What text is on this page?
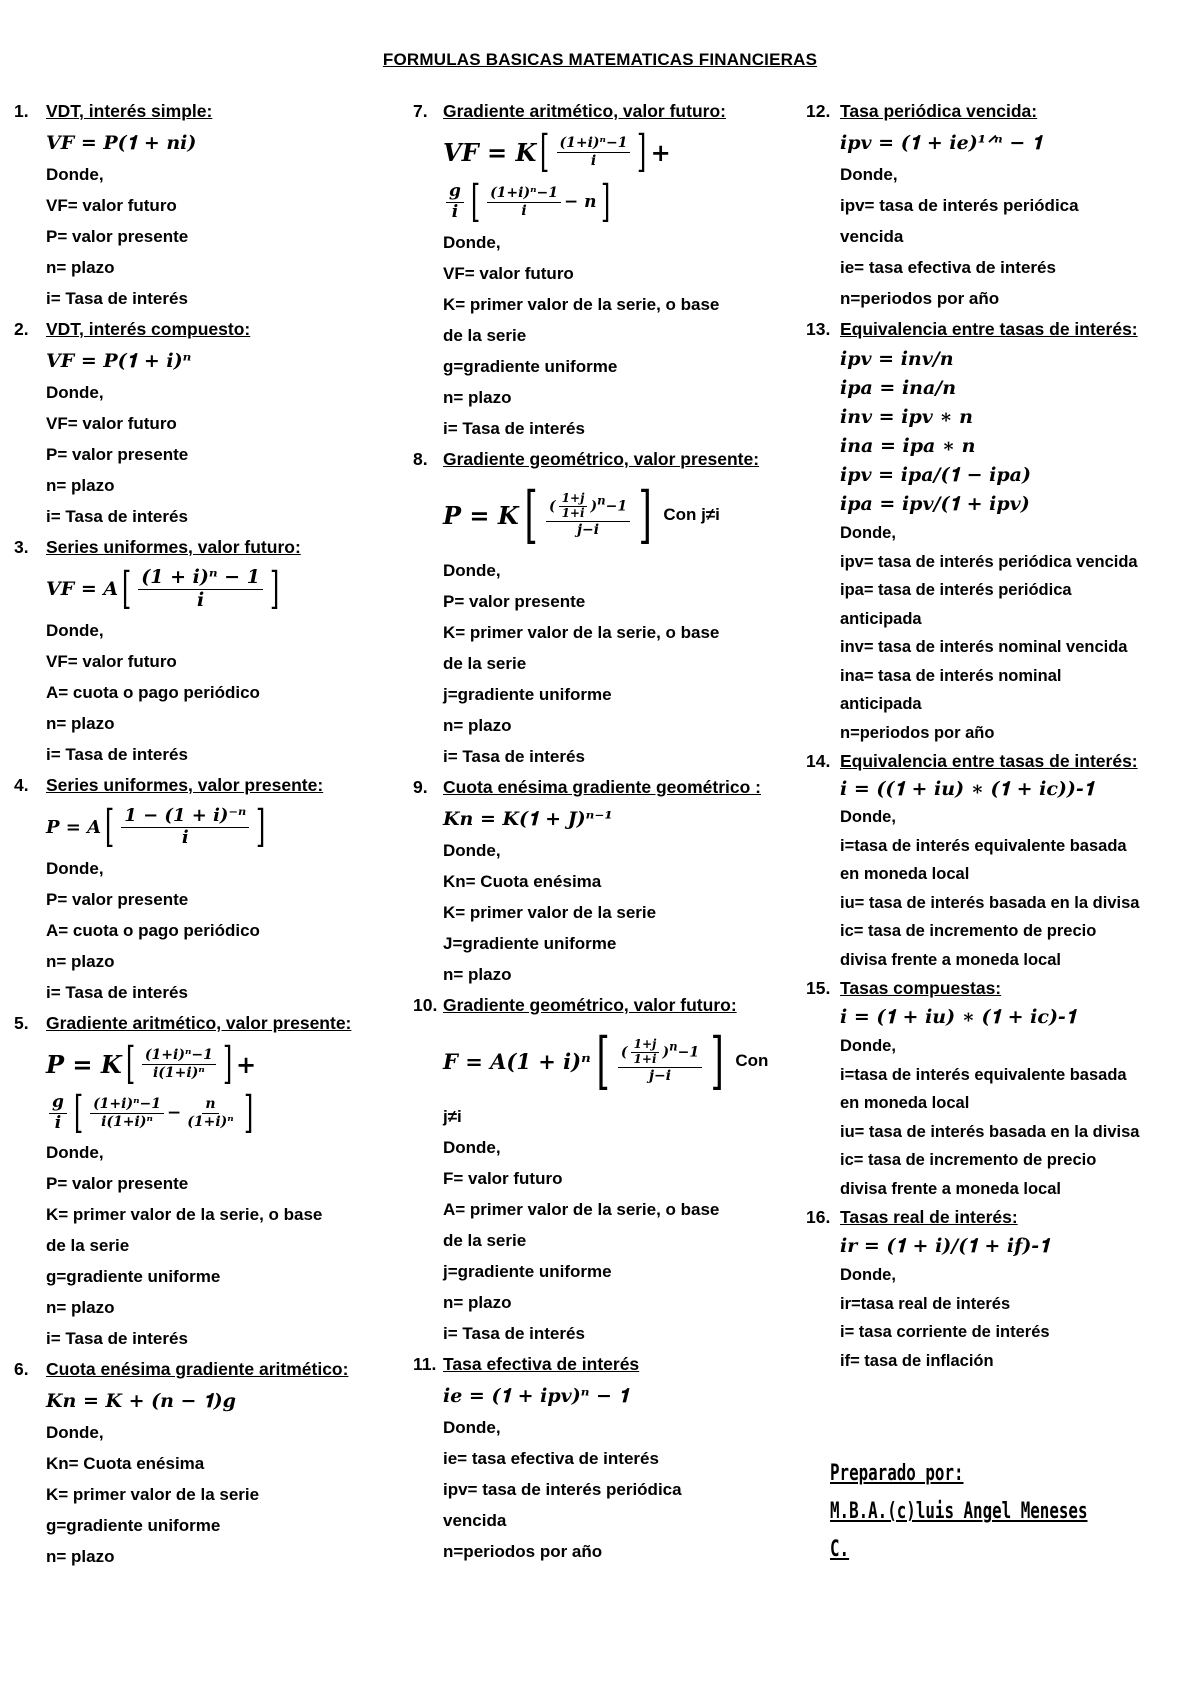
FORMULAS BASICAS MATEMATICAS FINANCIERAS
1. VDT, interés simple:
𝑽𝑭 = 𝑷(𝟏 + 𝒏𝒊)
Donde,
VF= valor futuro
P= valor presente
n= plazo
i= Tasa de interés
2. VDT, interés compuesto:
𝑽𝑭 = 𝑷(𝟏 + 𝒊)ⁿ
Donde,
VF= valor futuro
P= valor presente
n= plazo
i= Tasa de interés
3. Series uniformes, valor futuro:
VF = A [ $\frac{\text{(1 + i)ⁿ − 1}}{i}$ ]
Donde,
VF= valor futuro
A= cuota o pago periódico
n= plazo
i= Tasa de interés
4. Series uniformes, valor presente:
P = A [ $\frac{\text{1 − (1 + i)⁻ⁿ}}{i}$ ]
Donde,
P= valor presente
A= cuota o pago periódico
n= plazo
i= Tasa de interés
5. Gradiente aritmético, valor presente:
P = K [ $\frac{\text{(1+i)ⁿ−1}}{\text{i(1+i)ⁿ}}$ ] +
$\frac{g}{i}$ [ $\frac{\text{(1+i)ⁿ−1}}{\text{i(1+i)ⁿ}} - \frac{n}{\text{(1+i)ⁿ}}$ ]
Donde,
P= valor presente
K= primer valor de la serie, o base
de la serie
g=gradiente uniforme
n= plazo
i= Tasa de interés
6. Cuota enésima gradiente aritmético:
𝑲𝒏 = 𝑲 + (𝒏 − 𝟏)𝒈
Donde,
Kn= Cuota enésima
K= primer valor de la serie
g=gradiente uniforme
n= plazo
7. Gradiente aritmético, valor futuro:
VF = K [ $\frac{\text{(1+i)ⁿ−1}}{i}$ ] +
$\frac{g}{i}$ [ $\frac{\text{(1+i)ⁿ−1}}{i} - n$ ]
Donde,
VF= valor futuro
K= primer valor de la serie, o base
de la serie
g=gradiente uniforme
n= plazo
i= Tasa de interés
8. Gradiente geométrico, valor presente:
P = K [ $\frac{( \frac{1+j}{1+i} )^n-1}{j-i}$ ] Con j≠i
Donde,
P= valor presente
K= primer valor de la serie, o base
de la serie
j=gradiente uniforme
n= plazo
i= Tasa de interés
9. Cuota enésima gradiente geométrico :
𝑲𝒏 = 𝑲(𝟏 + 𝑱)ⁿ⁻¹
Donde,
Kn= Cuota enésima
K= primer valor de la serie
J=gradiente uniforme
n= plazo
10. Gradiente geométrico, valor futuro:
F = A(1 + i)ⁿ [ $\frac{( \frac{1+j}{1+i} )^n-1}{j-i}$ ] Con
j≠i
Donde,
F= valor futuro
A= primer valor de la serie, o base
de la serie
j=gradiente uniforme
n= plazo
i= Tasa de interés
11. Tasa efectiva de interés
𝒊𝒆 = (𝟏 + 𝒊𝒑𝒗)ⁿ − 𝟏
Donde,
ie= tasa efectiva de interés
ipv= tasa de interés periódica
vencida
n=periodos por año
12. Tasa periódica vencida:
𝒊𝒑𝒗 = (𝟏 + 𝒊𝒆)¹ᐟⁿ − 𝟏
Donde,
ipv= tasa de interés periódica
vencida
ie= tasa efectiva de interés
n=periodos por año
13. Equivalencia entre tasas de interés:
𝒊𝒑𝒗 = 𝒊𝒏𝒗/𝒏
𝒊𝒑𝒂 = 𝒊𝒏𝒂/𝒏
𝒊𝒏𝒗 = 𝒊𝒑𝒗 ∗ 𝒏
𝒊𝒏𝒂 = 𝒊𝒑𝒂 ∗ 𝒏
𝒊𝒑𝒗 = 𝒊𝒑𝒂/(𝟏 − 𝒊𝒑𝒂)
𝒊𝒑𝒂 = 𝒊𝒑𝒗/(𝟏 + 𝒊𝒑𝒗)
Donde,
ipv= tasa de interés periódica vencida
ipa= tasa de interés periódica
anticipada
inv= tasa de interés nominal vencida
ina= tasa de interés nominal
anticipada
n=periodos por año
14. Equivalencia entre tasas de interés:
𝒊 = ((𝟏 + 𝒊𝒖) ∗ (𝟏 + 𝒊𝒄))-𝟏
Donde,
i=tasa de interés equivalente basada
en moneda local
iu= tasa de interés basada en la divisa
ic= tasa de incremento de precio
divisa frente a moneda local
15. Tasas compuestas:
𝒊 = (𝟏 + 𝒊𝒖) ∗ (𝟏 + 𝒊𝒄)-𝟏
Donde,
i=tasa de interés equivalente basada
en moneda local
iu= tasa de interés basada en la divisa
ic= tasa de incremento de precio
divisa frente a moneda local
16. Tasas real de interés:
𝒊𝒓 = (𝟏 + 𝒊)/(𝟏 + 𝒊𝒇)-𝟏
Donde,
ir=tasa real de interés
i= tasa corriente de interés
if= tasa de inflación
Preparado por:
M.B.A.(c)luis Angel Meneses C.
